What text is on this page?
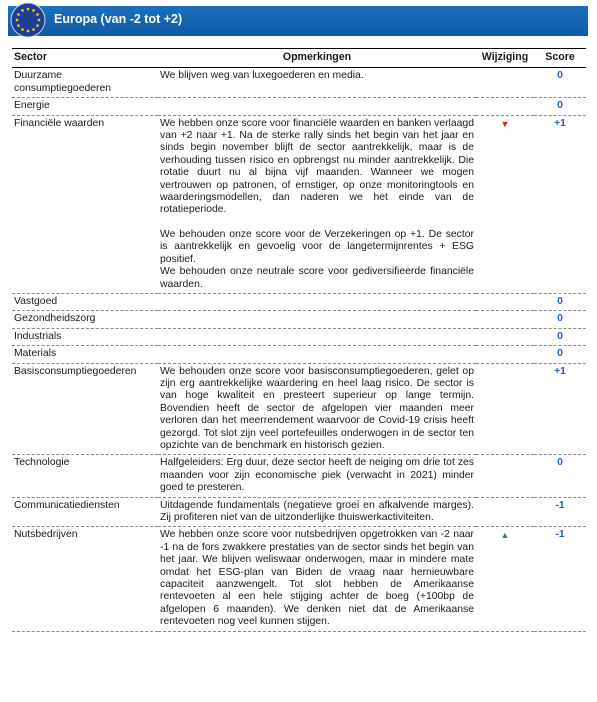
Europa (van -2 tot +2)
Sector	Opmerkingen	Wijziging	Score
Duurzame consumptiegoederen	We blijven weg van luxegoederen en media.		0
Energie			0
Financiële waarden	We hebben onze score voor financiële waarden en banken verlaagd van +2 naar +1. Na de sterke rally sinds het begin van het jaar en sinds begin november blijft de sector aantrekkelijk, maar is de verhouding tussen risico en opbrengst nu minder aantrekkelijk. Die rotatie duurt nu al bijna vijf maanden. Wanneer we mogen vertrouwen op patronen, of ernstiger, op onze monitoringtools en waarderingsmodellen, dan naderen we het einde van de rotatieperiode.
We behouden onze score voor de Verzekeringen op +1. De sector is aantrekkelijk en gevoelig voor de langetermijnrentes + ESG positief.
We behouden onze neutrale score voor gediversifieerde financiële waarden.	▼	+1
Vastgoed			0
Gezondheidszorg			0
Industrials			0
Materials			0
Basisconsumptiegoederen	We behouden onze score voor basisconsumptiegoederen, gelet op zijn erg aantrekkelijke waardering en heel laag risico. De sector is van hoge kwaliteit en presteert superieur op lange termijn. Bovendien heeft de sector de afgelopen vier maanden meer verloren dan het meerrendement waarvoor de Covid-19 crisis heeft gezorgd. Tot slot zijn veel portefeuilles onderwogen in de sector ten opzichte van de benchmark en historisch gezien.		+1
Technologie	Halfgeleiders: Erg duur, deze sector heeft de neiging om drie tot zes maanden voor zijn economische piek (verwacht in 2021) minder goed te presteren.		0
Communicatiediensten	Uitdagende fundamentals (negatieve groei en afkalvende marges). Zij profiteren niet van de uitzonderlijke thuiswerkactiviteiten.		-1
Nutsbedrijven	We hebben onze score voor nutsbedrijven opgetrokken van -2 naar -1 na de fors zwakkere prestaties van de sector sinds het begin van het jaar. We blijven weliswaar onderwogen, maar in mindere mate omdat het ESG-plan van Biden de vraag naar hernieuwbare capaciteit aanzwengelt. Tot slot hebben de Amerikaanse rentevoeten al een hele stijging achter de boeg (+100bp de afgelopen 6 maanden). We denken niet dat de Amerikaanse rentevoeten nog veel kunnen stijgen.	▲	-1
